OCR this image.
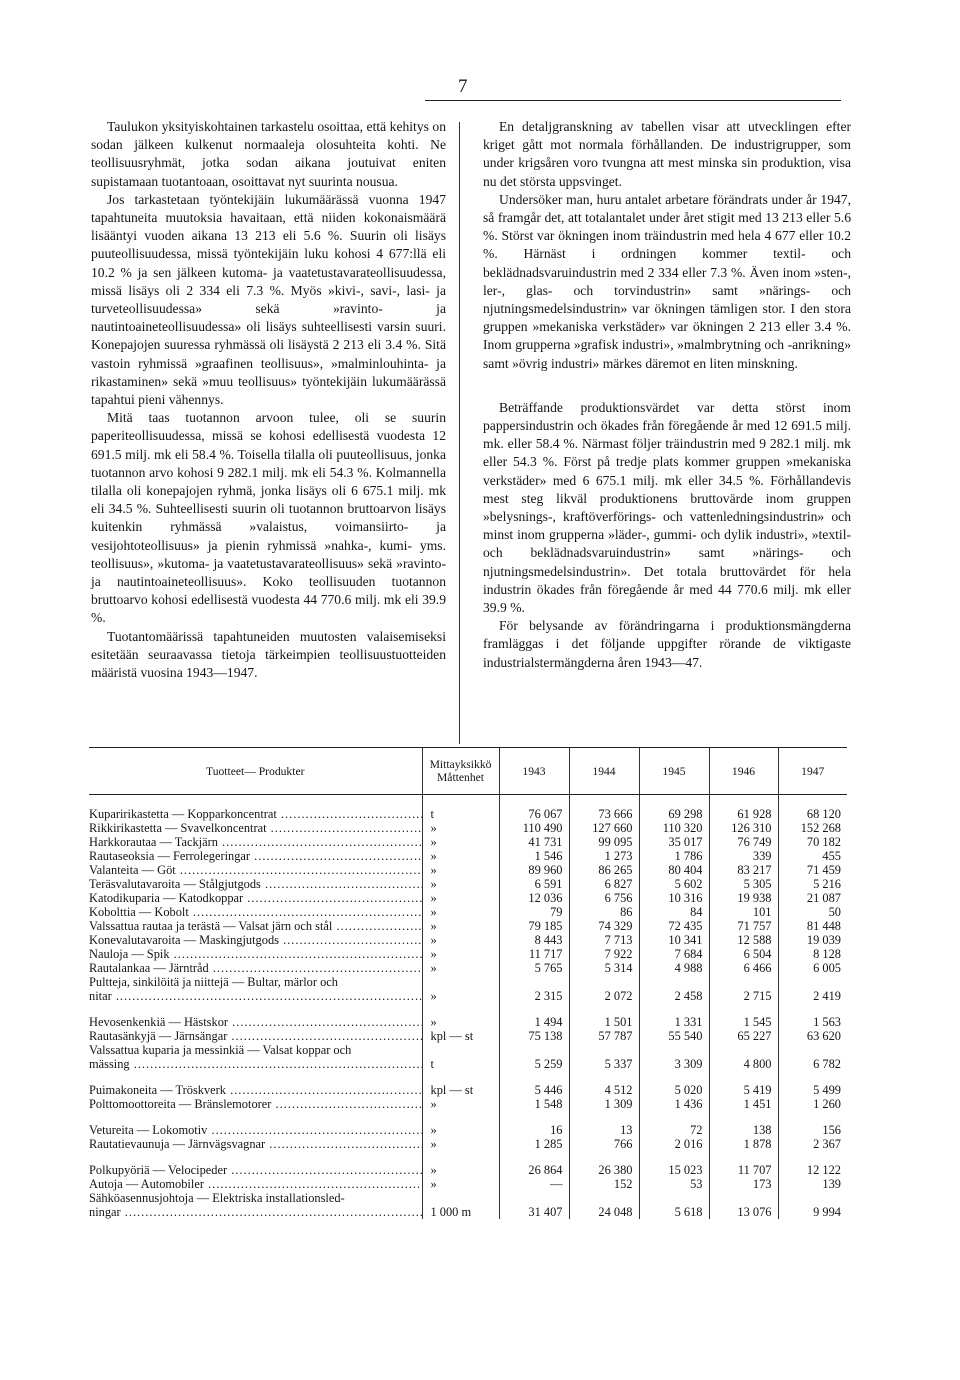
7

Taulukon yksityiskohtainen tarkastelu osoittaa, että kehitys on sodan jälkeen kulkenut normaaleja olosuhteita kohti. Ne teollisuusryhmät, jotka sodan aikana joutuivat eniten supistamaan tuotantoaan, osoittavat nyt suurinta nousua.

Jos tarkastetaan työntekijäin lukumäärässä vuonna 1947 tapahtuneita muutoksia havaitaan, että niiden kokonaismäärä lisääntyi vuoden aikana 13 213 eli 5.6 %. Suurin oli lisäys puuteollisuudessa, missä työntekijäin luku kohosi 4 677:llä eli 10.2 % ja sen jälkeen kutoma- ja vaatetustavarateollisuudessa, missä lisäys oli 2 334 eli 7.3 %. Myös »kivi-, savi-, lasi- ja turveteollisuudessa» sekä »ravinto- ja nautintoaineteollisuudessa» oli lisäys suhteellisesti varsin suuri. Konepajojen suuressa ryhmässä oli lisäystä 2 213 eli 3.4 %. Sitä vastoin ryhmissä »graafinen teollisuus», »malminlouhinta- ja rikastaminen» sekä »muu teollisuus» työntekijäin lukumäärässä tapahtui pieni vähennys.

Mitä taas tuotannon arvoon tulee, oli se suurin paperiteollisuudessa, missä se kohosi edellisestä vuodesta 12 691.5 milj. mk eli 58.4 %. Toisella tilalla oli puuteollisuus, jonka tuotannon arvo kohosi 9 282.1 milj. mk eli 54.3 %. Kolmannella tilalla oli konepajojen ryhmä, jonka lisäys oli 6 675.1 milj. mk eli 34.5 %. Suhteellisesti suurin oli tuotannon bruttoarvon lisäys kuitenkin ryhmässä »valaistus, voimansiirto- ja vesijohtoteollisuus» ja pienin ryhmissä »nahka-, kumi- yms. teollisuus», »kutoma- ja vaatetustavarateollisuus» sekä »ravinto- ja nautintoaineteollisuus». Koko teollisuuden tuotannon bruttoarvo kohosi edellisestä vuodesta 44 770.6 milj. mk eli 39.9 %.

Tuotantomäärissä tapahtuneiden muutosten valaisemiseksi esitetään seuraavassa tietoja tärkeimpien teollisuustuotteiden määristä vuosina 1943—1947.

En detaljgranskning av tabellen visar att utvecklingen efter kriget gått mot normala förhållanden. De industrigrupper, som under krigsåren voro tvungna att mest minska sin produktion, visa nu det största uppsvinget.

Undersöker man, huru antalet arbetare förändrats under år 1947, så framgår det, att totalantalet under året stigit med 13 213 eller 5.6 %. Störst var ökningen inom träindustrin med hela 4 677 eller 10.2 %. Härnäst i ordningen kommer textil- och beklädnadsvaruindustrin med 2 334 eller 7.3 %. Även inom »sten-, ler-, glas- och torvindustrin» samt »närings- och njutningsmedelsindustrin» var ökningen tämligen stor. I den stora gruppen »mekaniska verkstäder» var ökningen 2 213 eller 3.4 %. Inom grupperna »grafisk industri», »malmbrytning och -anrikning» samt »övrig industri» märkes däremot en liten minskning.

Beträffande produktionsvärdet var detta störst inom pappersindustrin och ökades från föregående år med 12 691.5 milj. mk. eller 58.4 %. Närmast följer träindustrin med 9 282.1 milj. mk eller 54.3 %. Först på tredje plats kommer gruppen »mekaniska verkstäder» med 6 675.1 milj. mk eller 34.5 %. Förhållandevis mest steg likväl produktionens bruttovärde inom gruppen »belysnings-, kraftöverförings- och vattenledningsindustrin» och minst inom grupperna »läder-, gummi- och dylik industri», »textil- och beklädnadsvaruindustrin» samt »närings- och njutningsmedelsindustrin». Det totala bruttovärdet för hela industrin ökades från föregående år med 44 770.6 milj. mk eller 39.9 %.

För belysande av förändringarna i produktionsmängderna framläggas i det följande uppgifter rörande de viktigaste industrialstermängderna åren 1943—47.

Tuotteet— Produkter	Mittayksikkö
Måttenhet	1943	1944	1945	1946	1947
Kuparirikastetta — Kopparkoncentrat .....	t	76 067	73 666	69 298	61 928	68 120
Rikkirikastetta — Svavelkoncentrat .....	»	110 490	127 660	110 320	126 310	152 268
Harkkorautaa — Tackjärn .....	»	41 731	99 095	35 017	76 749	70 182
Rautaseoksia — Ferrolegeringar .....	»	1 546	1 273	1 786	339	455
Valanteita — Göt .....	»	89 960	86 265	80 404	83 217	71 459
Teräsvalutavaroita — Stålgjutgods .....	»	6 591	6 827	5 602	5 305	5 216
Katodikuparia — Katodkoppar .....	»	12 036	6 756	10 316	19 938	21 087
Kobolttia — Kobolt .....	»	79	86	84	101	50
Valssattua rautaa ja terästä — Valsat järn och stål .....	»	79 185	74 329	72 435	71 757	81 448
Konevalutavaroita — Maskingjutgods .....	»	8 443	7 713	10 341	12 588	19 039
Nauloja — Spik .....	»	11 717	7 922	7 684	6 504	8 128
Rautalankaa — Järntråd .....	»	5 765	5 314	4 988	6 466	6 005
Pultteja, sinkilöitä ja niittejä — Bultar, märlor och						
nitar .....	»	2 315	2 072	2 458	2 715	2 419

Hevosenkenkiä — Hästskor .....	»	1 494	1 501	1 331	1 545	1 563
Rautasänkyjä — Järnsängar .....	kpl — st	75 138	57 787	55 540	65 227	63 620
Valssattua kuparia ja messinkiä — Valsat koppar och						
mässing .....	t	5 259	5 337	3 309	4 800	6 782

Puimakoneita — Tröskverk .....	kpl — st	5 446	4 512	5 020	5 419	5 499
Polttomoottoreita — Bränslemotorer .....	»	1 548	1 309	1 436	1 451	1 260

Vetureita — Lokomotiv .....	»	16	13	72	138	156
Rautatievaunuja — Järnvägsvagnar .....	»	1 285	766	2 016	1 878	2 367

Polkupyöriä — Velocipeder .....	»	26 864	26 380	15 023	11 707	12 122
Autoja — Automobiler .....	»	—	152	53	173	139
Sähköasennusjohtoja — Elektriska installationsled-						
ningar .....	1 000 m	31 407	24 048	5 618	13 076	9 994
